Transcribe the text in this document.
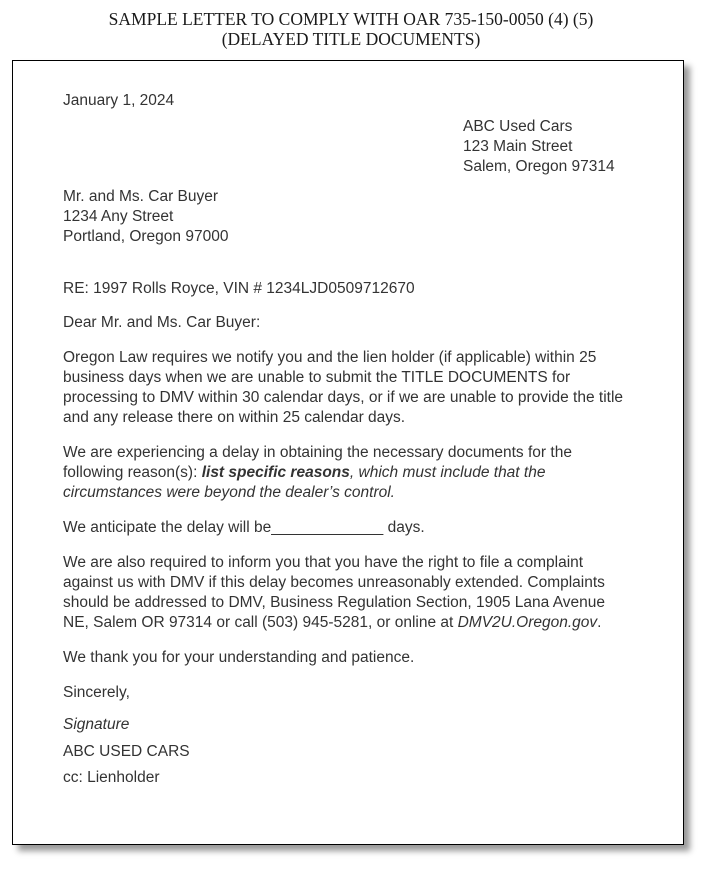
SAMPLE LETTER TO COMPLY WITH OAR 735-150-0050 (4) (5)
(DELAYED TITLE DOCUMENTS)

January 1, 2024

ABC Used Cars
123 Main Street
Salem, Oregon 97314
Mr. and Ms. Car Buyer
1234 Any Street
Portland, Oregon 97000

RE: 1997 Rolls Royce, VIN # 1234LJD0509712670

Dear Mr. and Ms. Car Buyer:

Oregon Law requires we notify you and the lien holder (if applicable) within 25 business days when we are unable to submit the TITLE DOCUMENTS for processing to DMV within 30 calendar days, or if we are unable to provide the title and any release there on within 25 calendar days.

We are experiencing a delay in obtaining the necessary documents for the following reason(s): list specific reasons, which must include that the circumstances were beyond the dealer’s control.

We anticipate the delay will be_____________ days.

We are also required to inform you that you have the right to file a complaint against us with DMV if this delay becomes unreasonably extended. Complaints should be addressed to DMV, Business Regulation Section, 1905 Lana Avenue NE, Salem OR 97314 or call (503) 945-5281, or online at DMV2U.Oregon.gov.

We thank you for your understanding and patience.

Sincerely,

Signature

ABC USED CARS

cc: Lienholder
